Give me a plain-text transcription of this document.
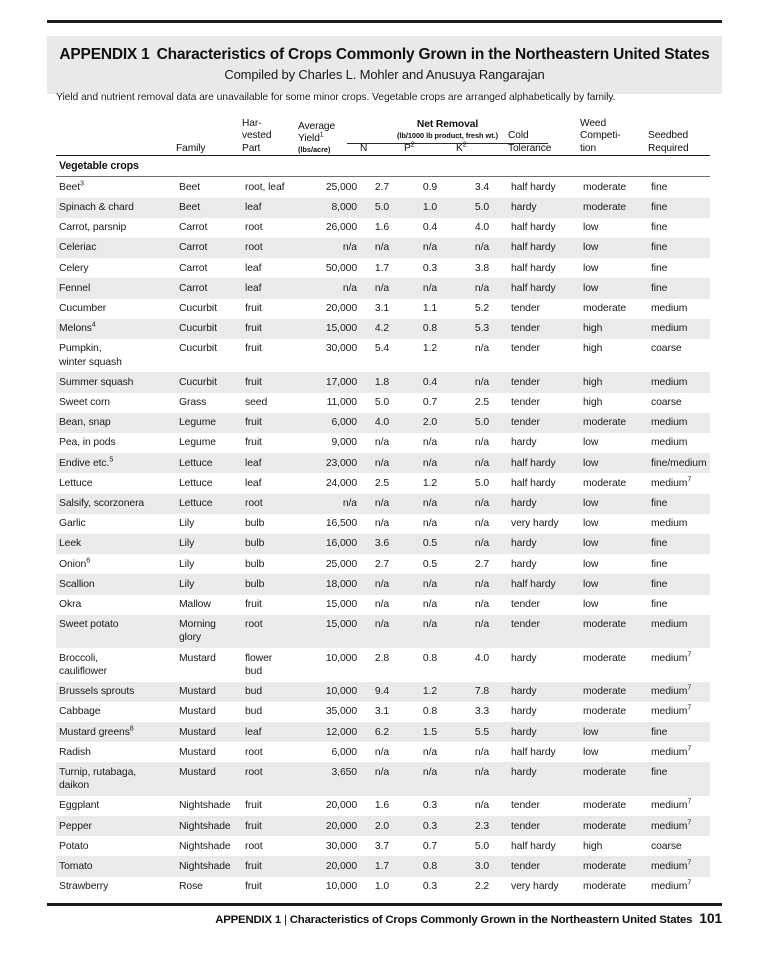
APPENDIX 1 Characteristics of Crops Commonly Grown in the Northeastern United States
Compiled by Charles L. Mohler and Anusuya Rangarajan
Yield and nutrient removal data are unavailable for some minor crops. Vegetable crops are arranged alphabetically by family.
Net Removal
(lb/1000 lb product, fresh wt.)
	Family	Har-
vested
Part	Average
Yield$^1$
(lbs/acre)	N	$P^2$	$K^2$	Cold
Tolerance	Weed
Competi-
tion	Seedbed
Required

Vegetable crops									

Beet$^3$	Beet	root, leaf	25,000	2.7	0.9	3.4	half hardy	moderate	fine
Spinach & chard	Beet	leaf	8,000	5.0	1.0	5.0	hardy	moderate	fine
Carrot, parsnip	Carrot	root	26,000	1.6	0.4	4.0	half hardy	low	fine
Celeriac	Carrot	root	n/a	n/a	n/a	n/a	half hardy	low	fine
Celery	Carrot	leaf	50,000	1.7	0.3	3.8	half hardy	low	fine
Fennel	Carrot	leaf	n/a	n/a	n/a	n/a	half hardy	low	fine
Cucumber	Cucurbit	fruit	20,000	3.1	1.1	5.2	tender	moderate	medium
Melons$^4$	Cucurbit	fruit	15,000	4.2	0.8	5.3	tender	high	medium
Pumpkin,
winter squash	Cucurbit	fruit	30,000	5.4	1.2	n/a	tender	high	coarse
Summer squash	Cucurbit	fruit	17,000	1.8	0.4	n/a	tender	high	medium
Sweet corn	Grass	seed	11,000	5.0	0.7	2.5	tender	high	coarse
Bean, snap	Legume	fruit	6,000	4.0	2.0	5.0	tender	moderate	medium
Pea, in pods	Legume	fruit	9,000	n/a	n/a	n/a	hardy	low	medium
Endive etc.$^5$	Lettuce	leaf	23,000	n/a	n/a	n/a	half hardy	low	fine/medium
Lettuce	Lettuce	leaf	24,000	2.5	1.2	5.0	half hardy	moderate	medium$^7$
Salsify, scorzonera	Lettuce	root	n/a	n/a	n/a	n/a	hardy	low	fine
Garlic	Lily	bulb	16,500	n/a	n/a	n/a	very hardy	low	medium
Leek	Lily	bulb	16,000	3.6	0.5	n/a	hardy	low	fine
Onion$^6$	Lily	bulb	25,000	2.7	0.5	2.7	hardy	low	fine
Scallion	Lily	bulb	18,000	n/a	n/a	n/a	half hardy	low	fine
Okra	Mallow	fruit	15,000	n/a	n/a	n/a	tender	low	fine
Sweet potato	Morning
glory	root	15,000	n/a	n/a	n/a	tender	moderate	medium
Broccoli,
cauliflower	Mustard	flower
bud	10,000	2.8	0.8	4.0	hardy	moderate	medium$^7$
Brussels sprouts	Mustard	bud	10,000	9.4	1.2	7.8	hardy	moderate	medium$^7$
Cabbage	Mustard	bud	35,000	3.1	0.8	3.3	hardy	moderate	medium$^7$
Mustard greens$^8$	Mustard	leaf	12,000	6.2	1.5	5.5	hardy	low	fine
Radish	Mustard	root	6,000	n/a	n/a	n/a	half hardy	low	medium$^7$
Turnip, rutabaga,
daikon	Mustard	root	3,650	n/a	n/a	n/a	hardy	moderate	fine
Eggplant	Nightshade	fruit	20,000	1.6	0.3	n/a	tender	moderate	medium$^7$
Pepper	Nightshade	fruit	20,000	2.0	0.3	2.3	tender	moderate	medium$^7$
Potato	Nightshade	root	30,000	3.7	0.7	5.0	half hardy	high	coarse
Tomato	Nightshade	fruit	20,000	1.7	0.8	3.0	tender	moderate	medium$^7$
Strawberry	Rose	fruit	10,000	1.0	0.3	2.2	very hardy	moderate	medium$^7$
APPENDIX 1 | Characteristics of Crops Commonly Grown in the Northeastern United States 101
